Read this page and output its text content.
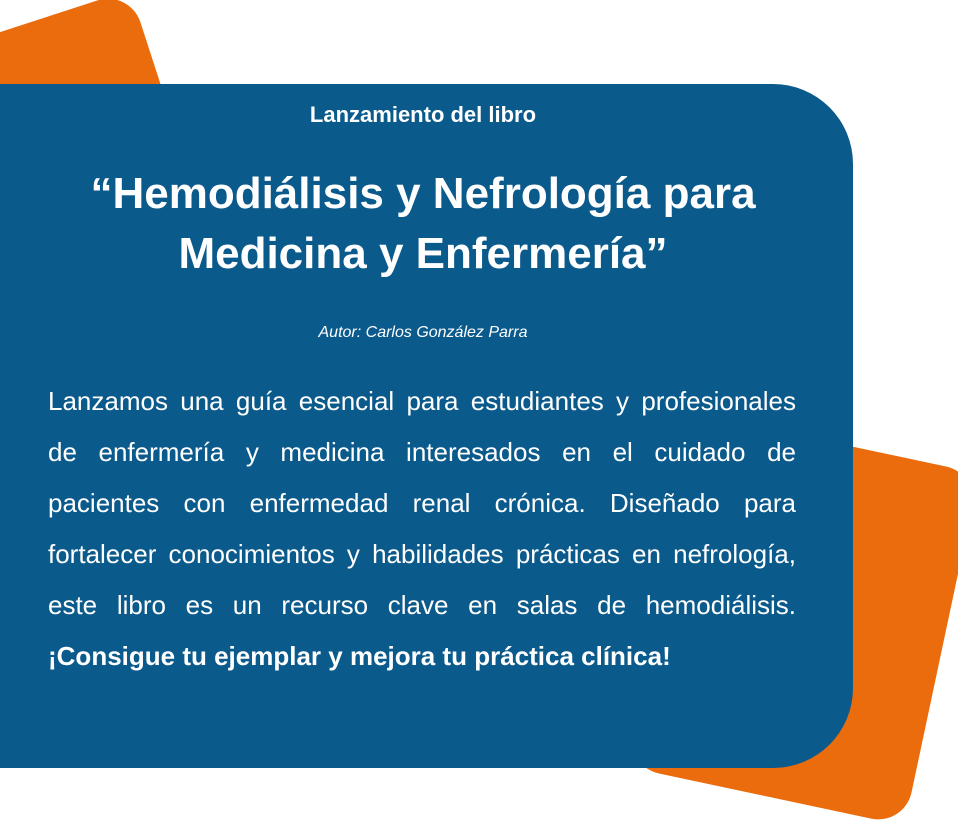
Lanzamiento del libro
“Hemodiálisis y Nefrología para Medicina y Enfermería”
Autor: Carlos González Parra

Lanzamos una guía esencial para estudiantes y profesionales de enfermería y medicina interesados en el cuidado de pacientes con enfermedad renal crónica. Diseñado para fortalecer conocimientos y habilidades prácticas en nefrología, este libro es un recurso clave en salas de hemodiálisis. ¡Consigue tu ejemplar y mejora tu práctica clínica!
